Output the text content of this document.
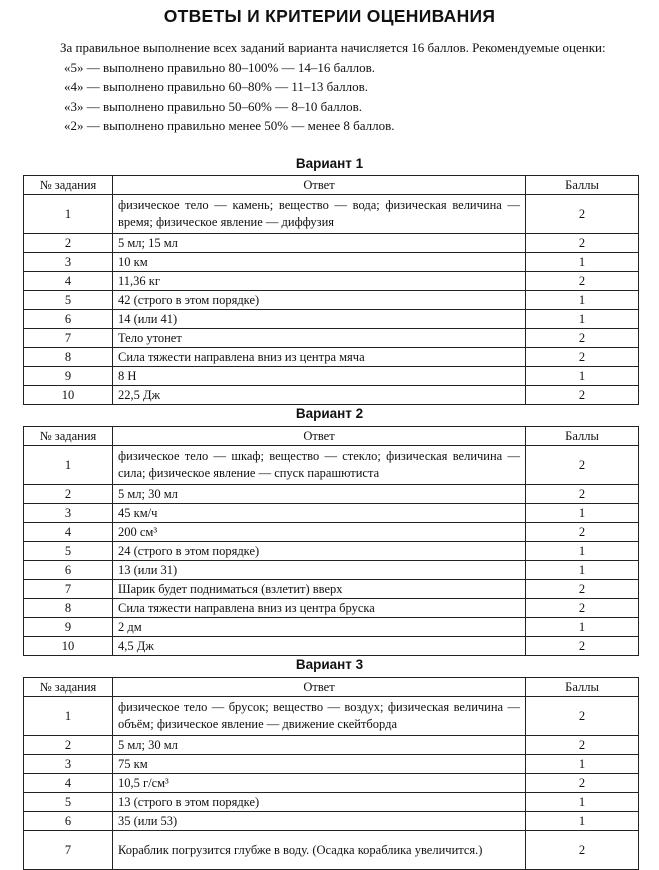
ОТВЕТЫ И КРИТЕРИИ ОЦЕНИВАНИЯ

За правильное выполнение всех заданий варианта начисляется 16 баллов. Рекомендуемые оценки:

«5» — выполнено правильно 80–100% — 14–16 баллов.
«4» — выполнено правильно 60–80% — 11–13 баллов.
«3» — выполнено правильно 50–60% — 8–10 баллов.
«2» — выполнено правильно менее 50% — менее 8 баллов.
Вариант 1
№ задания	Ответ	Баллы
1	физическое тело — камень; вещество — вода; физическая величина — время; физическое явление — диффузия	2
2	5 мл; 15 мл	2
3	10 км	1
4	11,36 кг	2
5	42 (строго в этом порядке)	1
6	14 (или 41)	1
7	Тело утонет	2
8	Сила тяжести направлена вниз из центра мяча	2
9	8 Н	1
10	22,5 Дж	2
Вариант 2
№ задания	Ответ	Баллы
1	физическое тело — шкаф; вещество — стекло; физическая величина — сила; физическое явление — спуск парашютиста	2
2	5 мл; 30 мл	2
3	45 км/ч	1
4	200 см³	2
5	24 (строго в этом порядке)	1
6	13 (или 31)	1
7	Шарик будет подниматься (взлетит) вверх	2
8	Сила тяжести направлена вниз из центра бруска	2
9	2 дм	1
10	4,5 Дж	2
Вариант 3
№ задания	Ответ	Баллы
1	физическое тело — брусок; вещество — воздух; физическая величина — объём; физическое явление — движение скейтборда	2
2	5 мл; 30 мл	2
3	75 км	1
4	10,5 г/см³	2
5	13 (строго в этом порядке)	1
6	35 (или 53)	1
7	Кораблик погрузится глубже в воду. (Осадка кораблика увеличится.)	2
